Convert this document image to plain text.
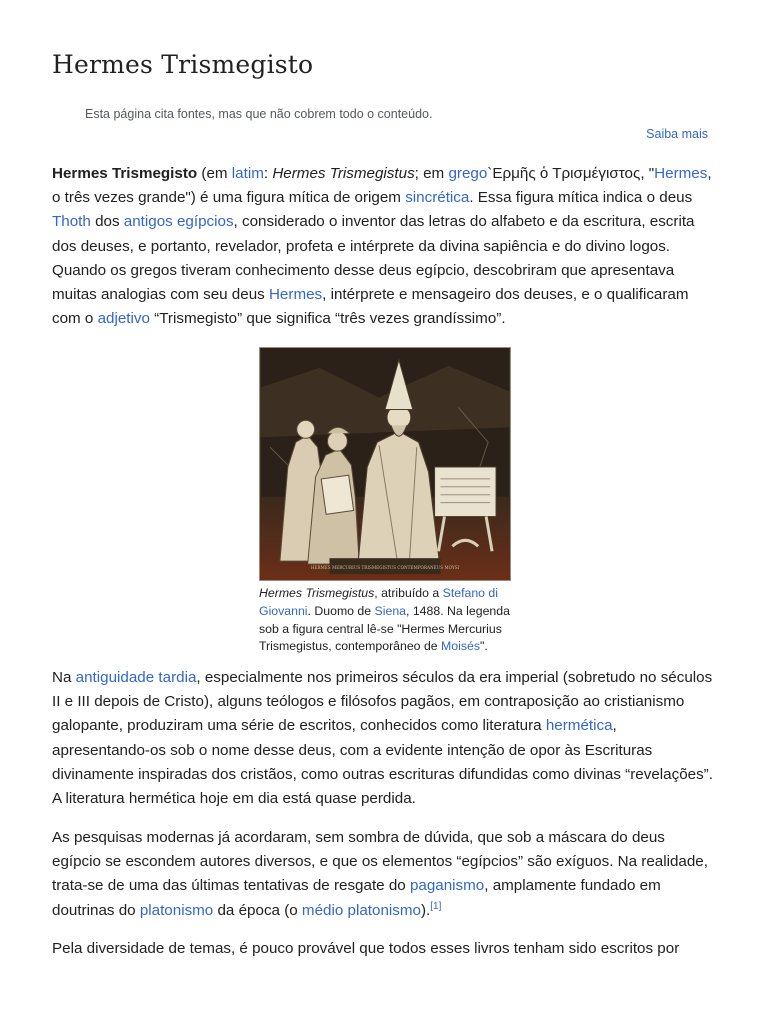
Hermes Trismegisto
Esta página cita fontes, mas que não cobrem todo o conteúdo.
Saiba mais

Hermes Trismegisto (em latim: Hermes Trismegistus; em grego`Ερμῆς ὁ Τρισμέγιστος, "Hermes, o três vezes grande") é uma figura mítica de origem sincrética. Essa figura mítica indica o deus Thoth dos antigos egípcios, considerado o inventor das letras do alfabeto e da escritura, escrita dos deuses, e portanto, revelador, profeta e intérprete da divina sapiência e do divino logos. Quando os gregos tiveram conhecimento desse deus egípcio, descobriram que apresentava muitas analogias com seu deus Hermes, intérprete e mensageiro dos deuses, e o qualificaram com o adjetivo “Trismegisto” que significa “três vezes grandíssimo”.

HERMES MERCURIUS TRISMEGISTUS CONTEMPORANEUS MOYSI
Hermes Trismegistus, atribuído a Stefano di Giovanni. Duomo de Siena, 1488. Na legenda sob a figura central lê-se "Hermes Mercurius Trismegistus, contemporâneo de Moisés".

Na antiguidade tardia, especialmente nos primeiros séculos da era imperial (sobretudo no séculos II e III depois de Cristo), alguns teólogos e filósofos pagãos, em contraposição ao cristianismo galopante, produziram uma série de escritos, conhecidos como literatura hermética, apresentando-os sob o nome desse deus, com a evidente intenção de opor às Escrituras divinamente inspiradas dos cristãos, como outras escrituras difundidas como divinas “revelações”. A literatura hermética hoje em dia está quase perdida.

As pesquisas modernas já acordaram, sem sombra de dúvida, que sob a máscara do deus egípcio se escondem autores diversos, e que os elementos “egípcios” são exíguos. Na realidade, trata-se de uma das últimas tentativas de resgate do paganismo, amplamente fundado em doutrinas do platonismo da época (o médio platonismo).[1]

Pela diversidade de temas, é pouco provável que todos esses livros tenham sido escritos por
